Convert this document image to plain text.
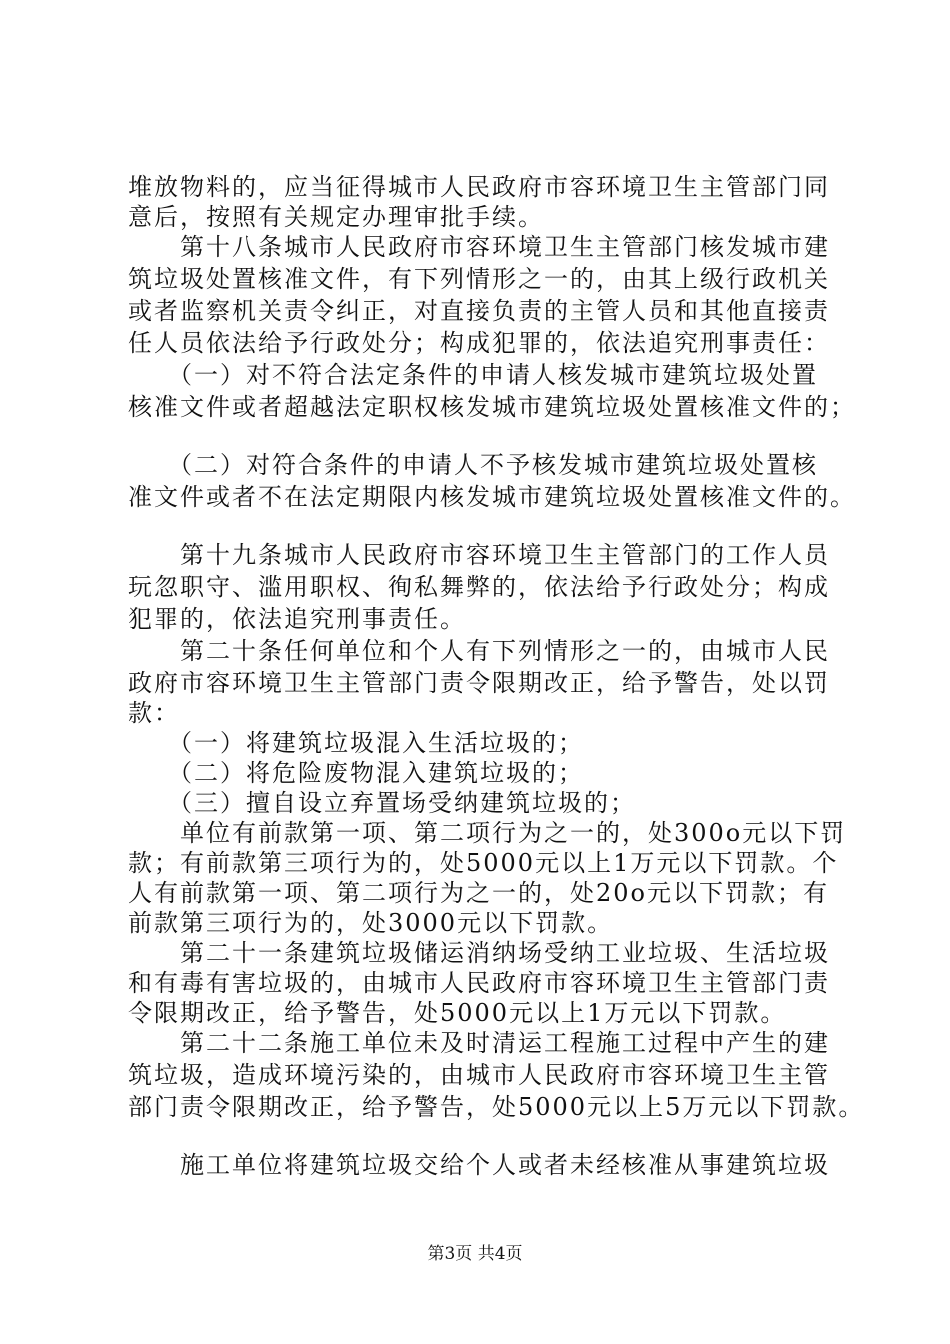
堆放物料的，应当征得城市人民政府市容环境卫生主管部门同
意后，按照有关规定办理审批手续。
　　第十八条城市人民政府市容环境卫生主管部门核发城市建
筑垃圾处置核准文件，有下列情形之一的，由其上级行政机关
或者监察机关责令纠正，对直接负责的主管人员和其他直接责
任人员依法给予行政处分；构成犯罪的，依法追究刑事责任：
　　（一）对不符合法定条件的申请人核发城市建筑垃圾处置
核准文件或者超越法定职权核发城市建筑垃圾处置核准文件的；
　　（二）对符合条件的申请人不予核发城市建筑垃圾处置核
准文件或者不在法定期限内核发城市建筑垃圾处置核准文件的。
　　第十九条城市人民政府市容环境卫生主管部门的工作人员
玩忽职守、滥用职权、徇私舞弊的，依法给予行政处分；构成
犯罪的，依法追究刑事责任。
　　第二十条任何单位和个人有下列情形之一的，由城市人民
政府市容环境卫生主管部门责令限期改正，给予警告，处以罚
款：
　　（一）将建筑垃圾混入生活垃圾的；
　　（二）将危险废物混入建筑垃圾的；
　　（三）擅自设立弃置场受纳建筑垃圾的；
　　单位有前款第一项、第二项行为之一的，处300o元以下罚
款；有前款第三项行为的，处5000元以上1万元以下罚款。个
人有前款第一项、第二项行为之一的，处20o元以下罚款；有
前款第三项行为的，处3000元以下罚款。
　　第二十一条建筑垃圾储运消纳场受纳工业垃圾、生活垃圾
和有毒有害垃圾的，由城市人民政府市容环境卫生主管部门责
令限期改正，给予警告，处5000元以上1万元以下罚款。
　　第二十二条施工单位未及时清运工程施工过程中产生的建
筑垃圾，造成环境污染的，由城市人民政府市容环境卫生主管
部门责令限期改正，给予警告，处5000元以上5万元以下罚款。
　　施工单位将建筑垃圾交给个人或者未经核准从事建筑垃圾
第3页 共4页
